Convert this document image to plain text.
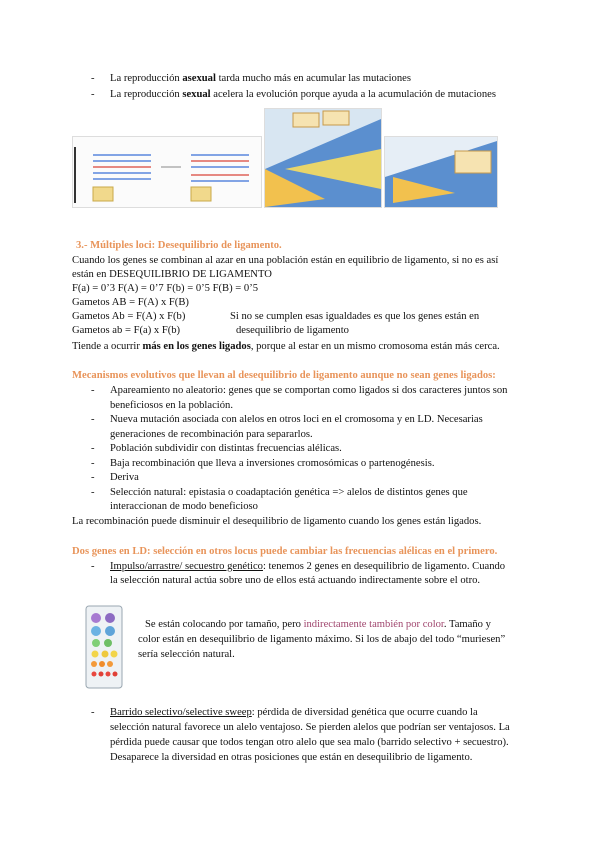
- La reproducción asexual tarda mucho más en acumular las mutaciones
- La reproducción sexual acelera la evolución porque ayuda a la acumulación de mutaciones
3.- Múltiples loci: Desequilibrio de ligamento.
Cuando los genes se combinan al azar en una población están en equilibrio de ligamento, si no es así
están en DESEQUILIBRIO DE LIGAMENTO
F(a) = 0’3 F(A) = 0’7 F(b) = 0’5 F(B) = 0’5
Gametos AB = F(A) x F(B)
Gametos Ab = F(A) x F(b)
Gametos ab = F(a) x F(b)
Si no se cumplen esas igualdades es que los genes están en
desequilibrio de ligamento
Tiende a ocurrir más en los genes ligados, porque al estar en un mismo cromosoma están más cerca.
Mecanismos evolutivos que llevan al desequilibrio de ligamento aunque no sean genes ligados:
- Apareamiento no aleatorio: genes que se comportan como ligados si dos caracteres juntos son
beneficiosos en la población.
- Nueva mutación asociada con alelos en otros loci en el cromosoma y en LD. Necesarias
generaciones de recombinación para separarlos.
- Población subdividir con distintas frecuencias alélicas.
- Baja recombinación que lleva a inversiones cromosómicas o partenogénesis.
- Deriva
- Selección natural: epistasia o coadaptación genética => alelos de distintos genes que
interaccionan de modo beneficioso
La recombinación puede disminuir el desequilibrio de ligamento cuando los genes están ligados.
Dos genes en LD: selección en otros locus puede cambiar las frecuencias alélicas en el primero.
- Impulso/arrastre/ secuestro genético: tenemos 2 genes en desequilibrio de ligamento. Cuando
la selección natural actúa sobre uno de ellos está actuando indirectamente sobre el otro.
Se están colocando por tamaño, pero indirectamente también por color. Tamaño y
color están en desequilibrio de ligamento máximo. Si los de abajo del todo “muriesen”
sería selección natural.
- Barrido selectivo/selective sweep: pérdida de diversidad genética que ocurre cuando la
selección natural favorece un alelo ventajoso. Se pierden alelos que podrían ser ventajosos. La
pérdida puede causar que todos tengan otro alelo que sea malo (barrido selectivo + secuestro).
Desaparece la diversidad en otras posiciones que están en desequilibrio de ligamento.
